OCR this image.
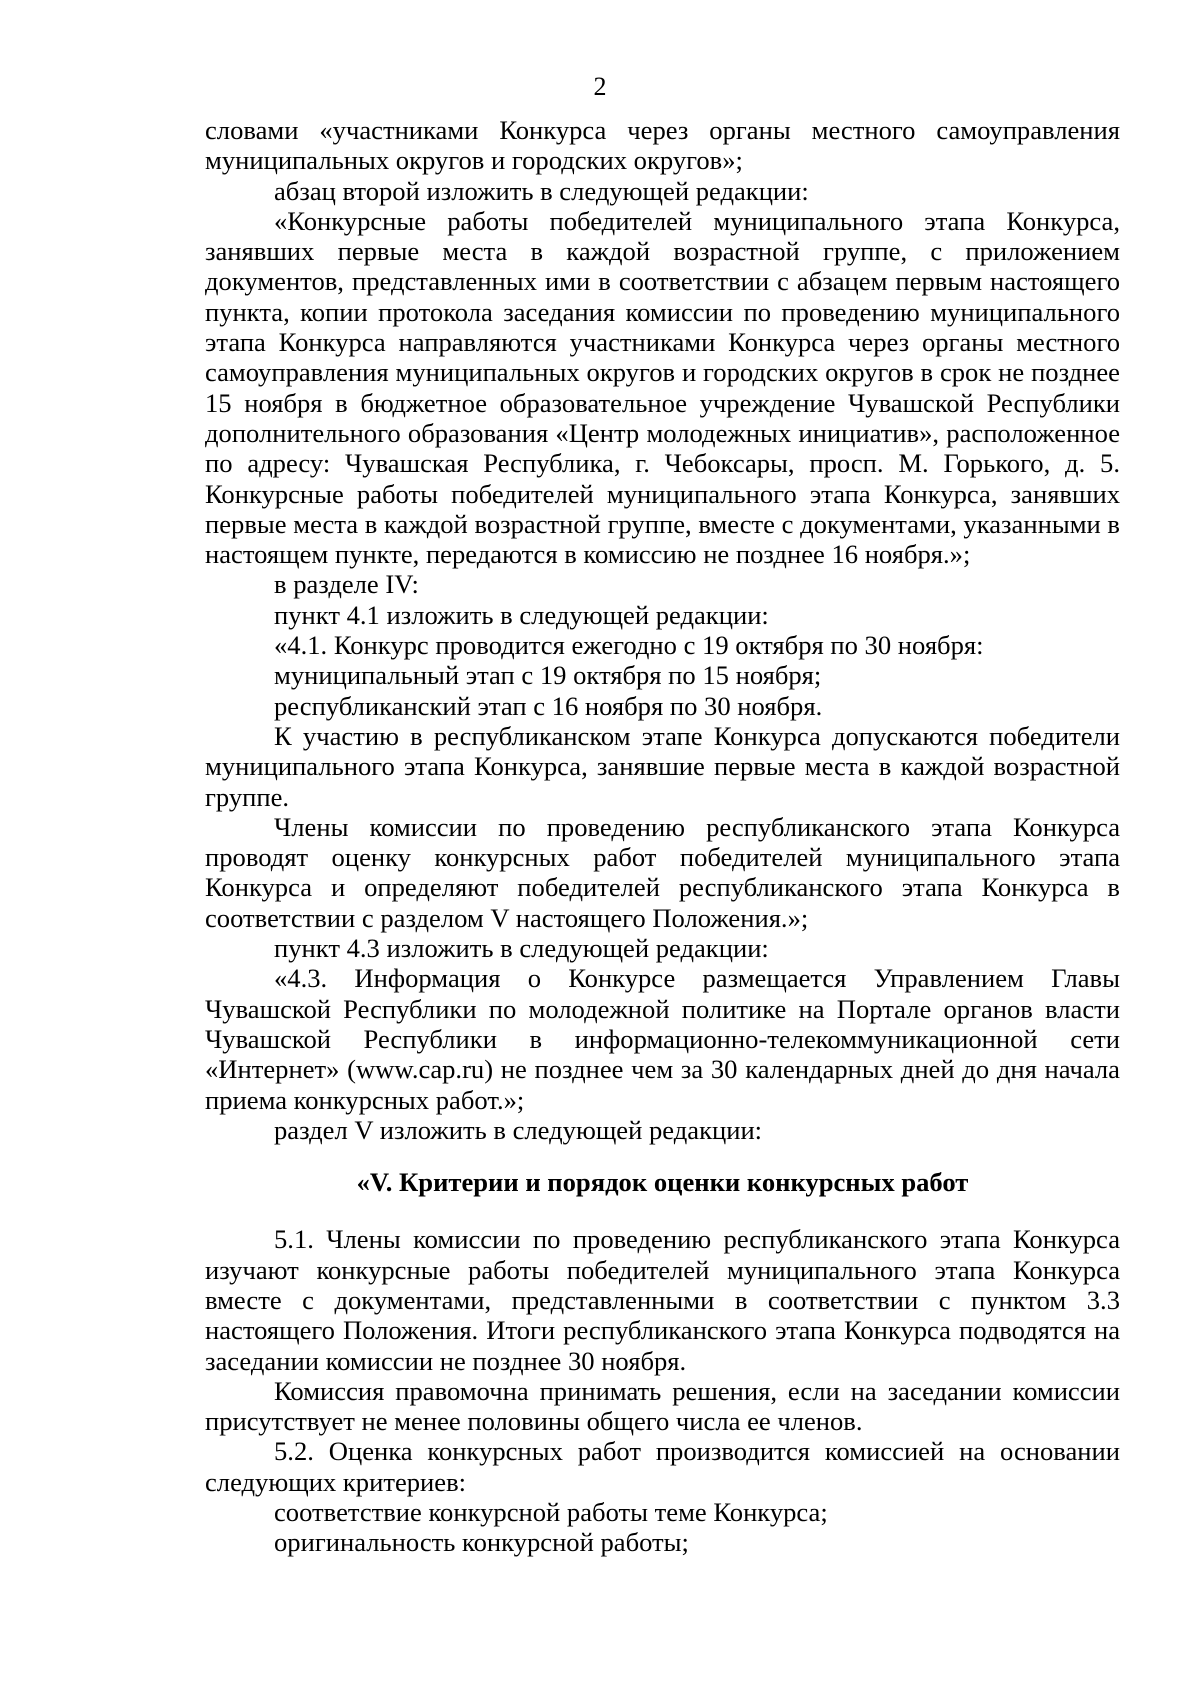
2

словами «участниками Конкурса через органы местного самоуправления муниципальных округов и городских округов»;

абзац второй изложить в следующей редакции:

«Конкурсные работы победителей муниципального этапа Конкурса, занявших первые места в каждой возрастной группе, с приложением документов, представленных ими в соответствии с абзацем первым настоящего пункта, копии протокола заседания комиссии по проведению муниципального этапа Конкурса направляются участниками Конкурса через органы местного самоуправления муниципальных округов и городских округов в срок не позднее 15 ноября в бюджетное образовательное учреждение Чувашской Республики дополнительного образования «Центр молодежных инициатив», расположенное по адресу: Чувашская Республика, г. Чебоксары, просп. М. Горького, д. 5. Конкурсные работы победителей муниципального этапа Конкурса, занявших первые места в каждой возрастной группе, вместе с документами, указанными в настоящем пункте, передаются в комиссию не позднее 16 ноября.»;

в разделе IV:

пункт 4.1 изложить в следующей редакции:

«4.1. Конкурс проводится ежегодно с 19 октября по 30 ноября:

муниципальный этап с 19 октября по 15 ноября;

республиканский этап с 16 ноября по 30 ноября.

К участию в республиканском этапе Конкурса допускаются победители муниципального этапа Конкурса, занявшие первые места в каждой возрастной группе.

Члены комиссии по проведению республиканского этапа Конкурса проводят оценку конкурсных работ победителей муниципального этапа Конкурса и определяют победителей республиканского этапа Конкурса в соответствии с разделом V настоящего Положения.»;

пункт 4.3 изложить в следующей редакции:

«4.3. Информация о Конкурсе размещается Управлением Главы Чувашской Республики по молодежной политике на Портале органов власти Чувашской Республики в информационно-телекоммуникационной сети «Интернет» (www.cap.ru) не позднее чем за 30 календарных дней до дня начала приема конкурсных работ.»;

раздел V изложить в следующей редакции:

«V. Критерии и порядок оценки конкурсных работ

5.1. Члены комиссии по проведению республиканского этапа Конкурса изучают конкурсные работы победителей муниципального этапа Конкурса вместе с документами, представленными в соответствии с пунктом 3.3 настоящего Положения. Итоги республиканского этапа Конкурса подводятся на заседании комиссии не позднее 30 ноября.

Комиссия правомочна принимать решения, если на заседании комиссии присутствует не менее половины общего числа ее членов.

5.2. Оценка конкурсных работ производится комиссией на основании следующих критериев:

соответствие конкурсной работы теме Конкурса;

оригинальность конкурсной работы;
